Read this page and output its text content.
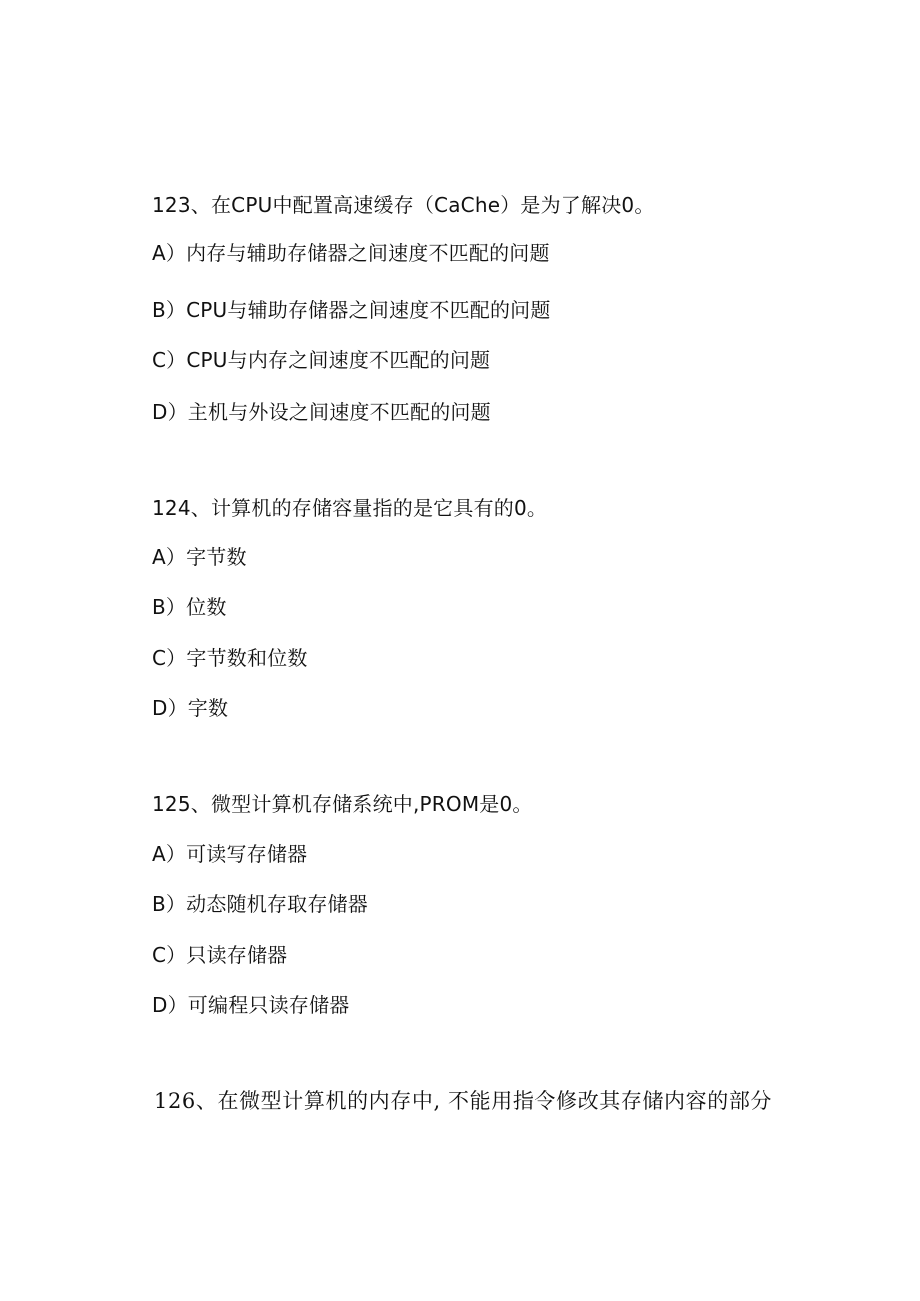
123、在CPU中配置高速缓存（CaChe）是为了解决0。
A）内存与辅助存储器之间速度不匹配的问题
B）CPU与辅助存储器之间速度不匹配的问题
C）CPU与内存之间速度不匹配的问题
D）主机与外设之间速度不匹配的问题
124、计算机的存储容量指的是它具有的0。
A）字节数
B）位数
C）字节数和位数
D）字数
125、微型计算机存储系统中,PROM是0。
A）可读写存储器
B）动态随机存取存储器
C）只读存储器
D）可编程只读存储器
126、在微型计算机的内存中, 不能用指令修改其存储内容的部分
